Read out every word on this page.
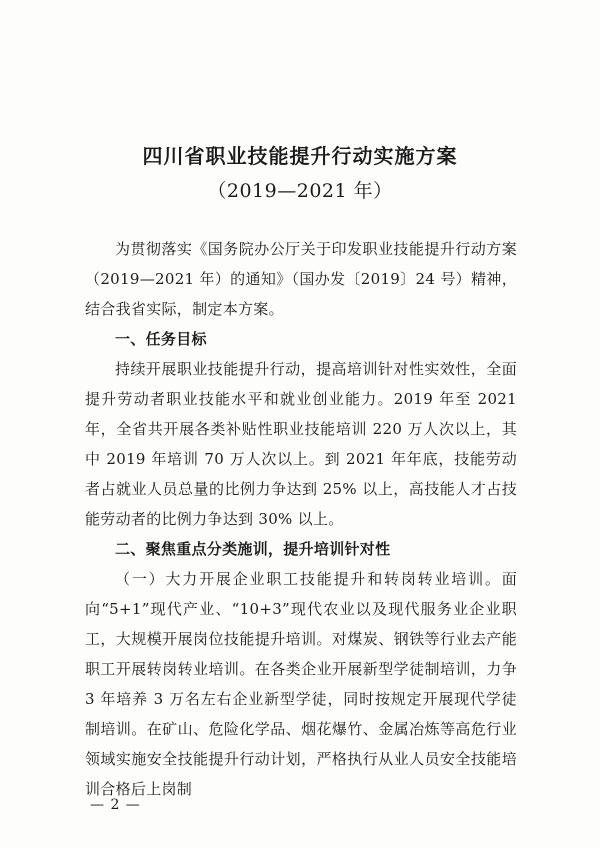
四川省职业技能提升行动实施方案
（2019—2021 年）

为贯彻落实《国务院办公厅关于印发职业技能提升行动方案（2019—2021 年）的通知》（国办发〔2019〕24 号）精神，结合我省实际，制定本方案。

一、任务目标

持续开展职业技能提升行动，提高培训针对性实效性，全面提升劳动者职业技能水平和就业创业能力。2019 年至 2021 年，全省共开展各类补贴性职业技能培训 220 万人次以上，其中 2019 年培训 70 万人次以上。到 2021 年年底，技能劳动者占就业人员总量的比例力争达到 25% 以上，高技能人才占技能劳动者的比例力争达到 30% 以上。

二、聚焦重点分类施训，提升培训针对性

（一）大力开展企业职工技能提升和转岗转业培训。面向“5+1”现代产业、“10+3”现代农业以及现代服务业企业职工，大规模开展岗位技能提升培训。对煤炭、钢铁等行业去产能职工开展转岗转业培训。在各类企业开展新型学徒制培训，力争 3 年培养 3 万名左右企业新型学徒，同时按规定开展现代学徒制培训。在矿山、危险化学品、烟花爆竹、金属冶炼等高危行业领域实施安全技能提升行动计划，严格执行从业人员安全技能培训合格后上岗制

— 2 —
